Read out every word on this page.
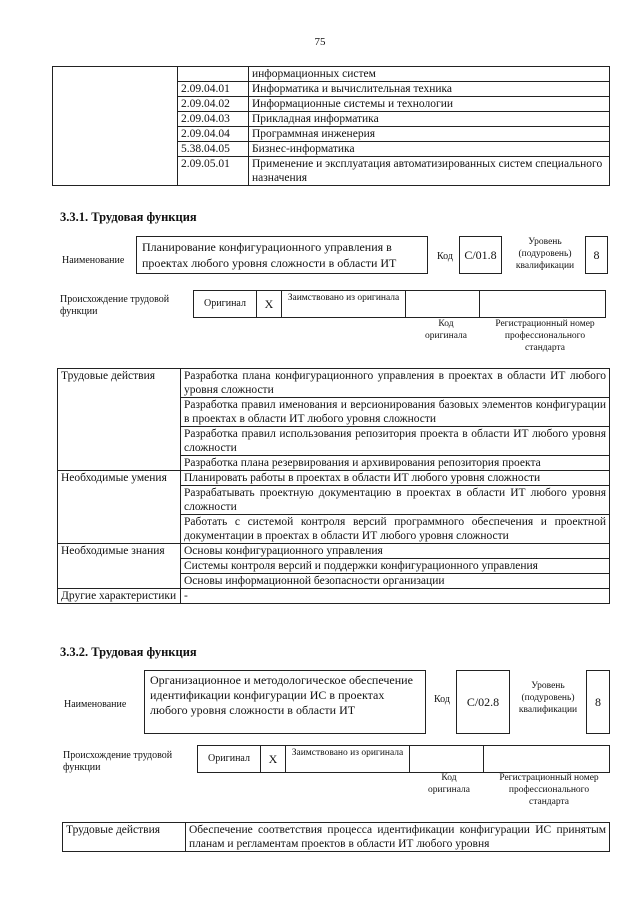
75
		информационных систем
	2.09.04.01	Информатика и вычислительная техника
	2.09.04.02	Информационные системы и технологии
	2.09.04.03	Прикладная информатика
	2.09.04.04	Программная инженерия
	5.38.04.05	Бизнес-информатика
	2.09.05.01	Применение и эксплуатация автоматизированных систем специального назначения
3.3.1. Трудовая функция
Наименование
Планирование конфигурационного управления в проектах любого уровня сложности в области ИТ	Код C/01.8
Уровень (подуровень) квалификации
8
Происхождение трудовой функции
Оригинал	X	Заимствовано из оригинала
Код оригинала
Регистрационный номер профессионального стандарта
Трудовые действия	Разработка плана конфигурационного управления в проектах в области ИТ любого уровня сложности
	Разработка правил именования и версионирования базовых элементов конфигурации в проектах в области ИТ любого уровня сложности
	Разработка правил использования репозитория проекта в области ИТ любого уровня сложности
	Разработка плана резервирования и архивирования репозитория проекта
Необходимые умения	Планировать работы в проектах в области ИТ любого уровня сложности
	Разрабатывать проектную документацию в проектах в области ИТ любого уровня сложности
	Работать с системой контроля версий программного обеспечения и проектной документации в проектах в области ИТ любого уровня сложности
Необходимые знания	Основы конфигурационного управления
	Системы контроля версий и поддержки конфигурационного управления
	Основы информационной безопасности организации
Другие характеристики	-
3.3.2. Трудовая функция
Наименование
Организационное и методологическое обеспечение идентификации конфигурации ИС в проектах любого уровня сложности в области ИТ
Код	C/02.8
Уровень (подуровень) квалификации
8
Происхождение трудовой функции
Оригинал	X	Заимствовано из оригинала
Код оригинала
Регистрационный номер профессионального стандарта
Трудовые действия	Обеспечение соответствия процесса идентификации конфигурации ИС принятым планам и регламентам проектов в области ИТ любого уровня
